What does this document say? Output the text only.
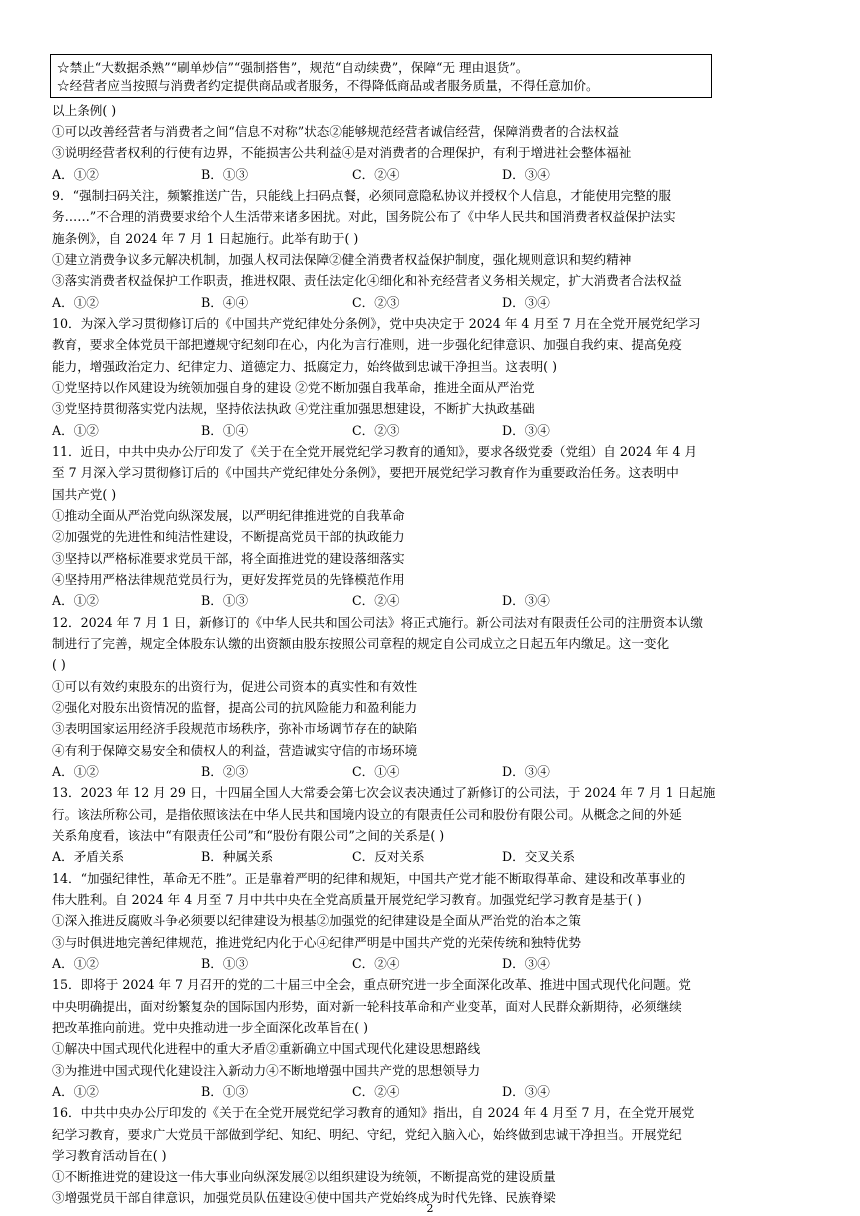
☆禁止“大数据杀熟”“刷单炒信”“强制搭售”，规范“自动续费”，保障“无 理由退货”。
☆经营者应当按照与消费者约定提供商品或者服务，不得降低商品或者服务质量，不得任意加价。
以上条例( )
①可以改善经营者与消费者之间“信息不对称”状态②能够规范经营者诚信经营，保障消费者的合法权益
③说明经营者权利的行使有边界，不能损害公共利益④是对消费者的合理保护，有利于增进社会整体福祉
A．①②	B．①③	C．②④	D．③④
9．“强制扫码关注，频繁推送广告，只能线上扫码点餐，必须同意隐私协议并授权个人信息，才能使用完整的服
务……”不合理的消费要求给个人生活带来诸多困扰。对此，国务院公布了《中华人民共和国消费者权益保护法实
施条例》，自 2024 年 7 月 1 日起施行。此举有助于( )
①建立消费争议多元解决机制，加强人权司法保障②健全消费者权益保护制度，强化规则意识和契约精神
③落实消费者权益保护工作职责，推进权限、责任法定化④细化和补充经营者义务相关规定，扩大消费者合法权益
A．①②	B．④④	C．②③	D．③④
10．为深入学习贯彻修订后的《中国共产党纪律处分条例》，党中央决定于 2024 年 4 月至 7 月在全党开展党纪学习
教育，要求全体党员干部把遵规守纪刻印在心，内化为言行准则，进一步强化纪律意识、加强自我约束、提高免疫
能力，增强政治定力、纪律定力、道德定力、抵腐定力，始终做到忠诚干净担当。这表明( )
①党坚持以作风建设为统领加强自身的建设 ②党不断加强自我革命，推进全面从严治党
③党坚持贯彻落实党内法规，坚持依法执政 ④党注重加强思想建设，不断扩大执政基础
A．①②	B．①④	C．②③	D．③④
11．近日，中共中央办公厅印发了《关于在全党开展党纪学习教育的通知》，要求各级党委（党组）自 2024 年 4 月
至 7 月深入学习贯彻修订后的《中国共产党纪律处分条例》，要把开展党纪学习教育作为重要政治任务。这表明中
国共产党( )
①推动全面从严治党向纵深发展，以严明纪律推进党的自我革命
②加强党的先进性和纯洁性建设，不断提高党员干部的执政能力
③坚持以严格标准要求党员干部，将全面推进党的建设落细落实
④坚持用严格法律规范党员行为，更好发挥党员的先锋模范作用
A．①②	B．①③	C．②④	D．③④
12．2024 年 7 月 1 日，新修订的《中华人民共和国公司法》将正式施行。新公司法对有限责任公司的注册资本认缴
制进行了完善，规定全体股东认缴的出资额由股东按照公司章程的规定自公司成立之日起五年内缴足。这一变化
( )
①可以有效约束股东的出资行为，促进公司资本的真实性和有效性
②强化对股东出资情况的监督，提高公司的抗风险能力和盈利能力
③表明国家运用经济手段规范市场秩序，弥补市场调节存在的缺陷
④有利于保障交易安全和债权人的利益，营造诚实守信的市场环境
A．①②	B．②③	C．①④	D．③④
13．2023 年 12 月 29 日，十四届全国人大常委会第七次会议表决通过了新修订的公司法，于 2024 年 7 月 1 日起施
行。该法所称公司，是指依照该法在中华人民共和国境内设立的有限责任公司和股份有限公司。从概念之间的外延
关系角度看，该法中“有限责任公司”和“股份有限公司”之间的关系是( )
A．矛盾关系	B．种属关系	C．反对关系	D．交叉关系
14．“加强纪律性，革命无不胜”。正是靠着严明的纪律和规矩，中国共产党才能不断取得革命、建设和改革事业的
伟大胜利。自 2024 年 4 月至 7 月中共中央在全党高质量开展党纪学习教育。加强党纪学习教育是基于( )
①深入推进反腐败斗争必须要以纪律建设为根基②加强党的纪律建设是全面从严治党的治本之策
③与时俱进地完善纪律规范，推进党纪内化于心④纪律严明是中国共产党的光荣传统和独特优势
A．①②	B．①③	C．②④	D．③④
15．即将于 2024 年 7 月召开的党的二十届三中全会，重点研究进一步全面深化改革、推进中国式现代化问题。党
中央明确提出，面对纷繁复杂的国际国内形势，面对新一轮科技革命和产业变革，面对人民群众新期待，必须继续
把改革推向前进。党中央推动进一步全面深化改革旨在( )
①解决中国式现代化进程中的重大矛盾②重新确立中国式现代化建设思想路线
③为推进中国式现代化建设注入新动力④不断地增强中国共产党的思想领导力
A．①②	B．①③	C．②④	D．③④
16．中共中央办公厅印发的《关于在全党开展党纪学习教育的通知》指出，自 2024 年 4 月至 7 月，在全党开展党
纪学习教育，要求广大党员干部做到学纪、知纪、明纪、守纪，党纪入脑入心，始终做到忠诚干净担当。开展党纪
学习教育活动旨在( )
①不断推进党的建设这一伟大事业向纵深发展②以组织建设为统领，不断提高党的建设质量
③增强党员干部自律意识，加强党员队伍建设④使中国共产党始终成为时代先锋、民族脊梁
2
